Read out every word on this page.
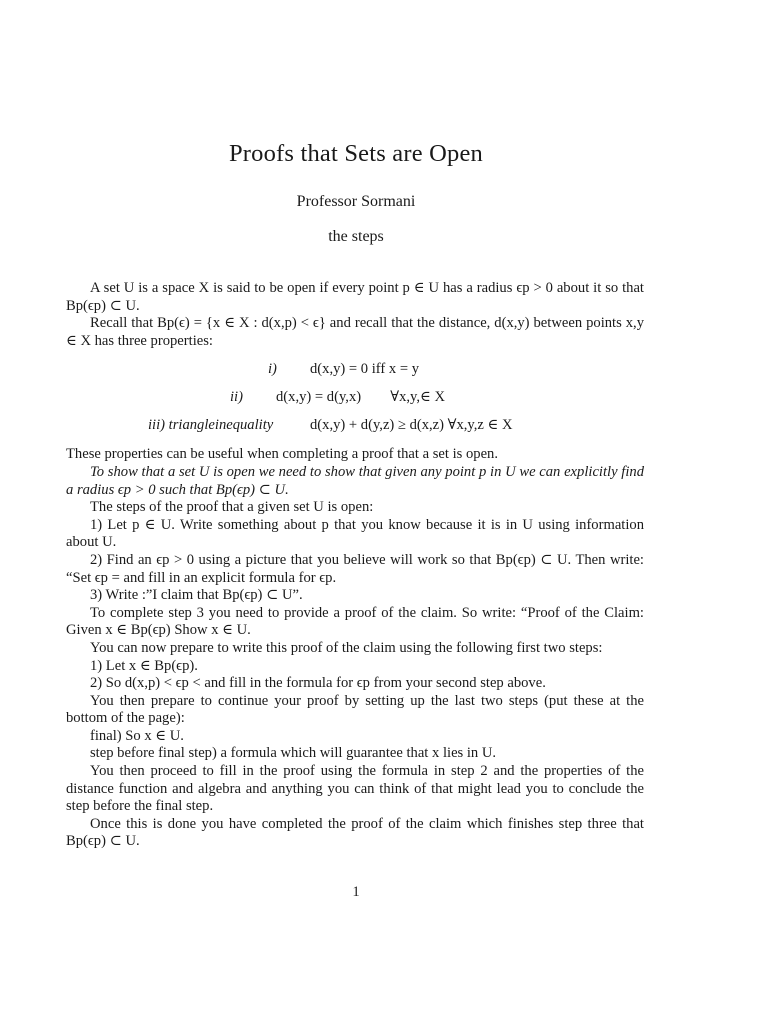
Proofs that Sets are Open
Professor Sormani
the steps

A set U is a space X is said to be open if every point p ∈ U has a radius ϵp > 0 about it so that Bp(ϵp) ⊂ U.

Recall that Bp(ϵ) = {x ∈ X : d(x,p) < ϵ} and recall that the distance, d(x,y) between points x,y ∈ X has three properties:

i) d(x,y) = 0 iff x = y
ii) d(x,y) = d(y,x)        ∀x,y,∈ X
iii) triangleinequality	d(x,y) + d(y,z) ≥ d(x,z) ∀x,y,z ∈ X

These properties can be useful when completing a proof that a set is open.

To show that a set U is open we need to show that given any point p in U we can explicitly find a radius ϵp > 0 such that Bp(ϵp) ⊂ U.

The steps of the proof that a given set U is open:

1) Let p ∈ U. Write something about p that you know because it is in U using information about U.

2) Find an ϵp > 0 using a picture that you believe will work so that Bp(ϵp) ⊂ U. Then write: “Set ϵp = and fill in an explicit formula for ϵp.

3) Write :”I claim that Bp(ϵp) ⊂ U”.

To complete step 3 you need to provide a proof of the claim. So write: “Proof of the Claim: Given x ∈ Bp(ϵp) Show x ∈ U.

You can now prepare to write this proof of the claim using the following first two steps:

1) Let x ∈ Bp(ϵp).

2) So d(x,p) < ϵp < and fill in the formula for ϵp from your second step above.

You then prepare to continue your proof by setting up the last two steps (put these at the bottom of the page):

final) So x ∈ U.

step before final step) a formula which will guarantee that x lies in U.

You then proceed to fill in the proof using the formula in step 2 and the properties of the distance function and algebra and anything you can think of that might lead you to conclude the step before the final step.

Once this is done you have completed the proof of the claim which finishes step three that Bp(ϵp) ⊂ U.

1
